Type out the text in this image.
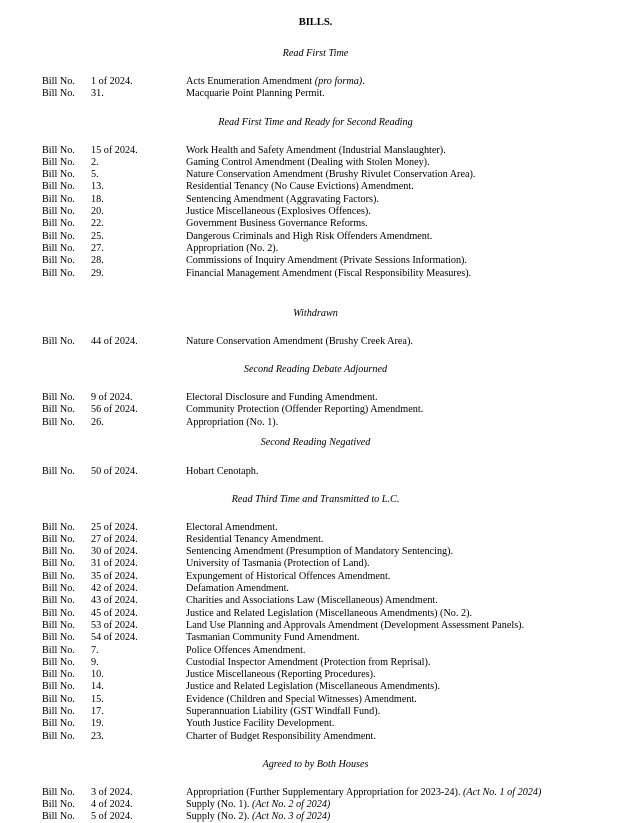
BILLS.
Read First Time
Bill No. 1 of 2024.	Acts Enumeration Amendment (pro forma).
Bill No. 31.	Macquarie Point Planning Permit.
Read First Time and Ready for Second Reading
Bill No. 15 of 2024.	Work Health and Safety Amendment (Industrial Manslaughter).
Bill No. 2.	Gaming Control Amendment (Dealing with Stolen Money).
Bill No. 5.	Nature Conservation Amendment (Brushy Rivulet Conservation Area).
Bill No. 13.	Residential Tenancy (No Cause Evictions) Amendment.
Bill No. 18.	Sentencing Amendment (Aggravating Factors).
Bill No. 20.	Justice Miscellaneous (Explosives Offences).
Bill No. 22.	Government Business Governance Reforms.
Bill No. 25.	Dangerous Criminals and High Risk Offenders Amendment.
Bill No. 27.	Appropriation (No. 2).
Bill No. 28.	Commissions of Inquiry Amendment (Private Sessions Information).
Bill No. 29.	Financial Management Amendment (Fiscal Responsibility Measures).
Withdrawn
Bill No. 44 of 2024.	Nature Conservation Amendment (Brushy Creek Area).
Second Reading Debate Adjourned
Bill No. 9 of 2024.	Electoral Disclosure and Funding Amendment.
Bill No. 56 of 2024.	Community Protection (Offender Reporting) Amendment.
Bill No. 26.	Appropriation (No. 1).
Second Reading Negatived
Bill No. 50 of 2024.	Hobart Cenotaph.
Read Third Time and Transmitted to L.C.
Bill No. 25 of 2024.	Electoral Amendment.
Bill No. 27 of 2024.	Residential Tenancy Amendment.
Bill No. 30 of 2024.	Sentencing Amendment (Presumption of Mandatory Sentencing).
Bill No. 31 of 2024.	University of Tasmania (Protection of Land).
Bill No. 35 of 2024.	Expungement of Historical Offences Amendment.
Bill No. 42 of 2024.	Defamation Amendment.
Bill No. 43 of 2024.	Charities and Associations Law (Miscellaneous) Amendment.
Bill No. 45 of 2024.	Justice and Related Legislation (Miscellaneous Amendments) (No. 2).
Bill No. 53 of 2024.	Land Use Planning and Approvals Amendment (Development Assessment Panels).
Bill No. 54 of 2024.	Tasmanian Community Fund Amendment.
Bill No. 7.	Police Offences Amendment.
Bill No. 9.	Custodial Inspector Amendment (Protection from Reprisal).
Bill No. 10.	Justice Miscellaneous (Reporting Procedures).
Bill No. 14.	Justice and Related Legislation (Miscellaneous Amendments).
Bill No. 15.	Evidence (Children and Special Witnesses) Amendment.
Bill No. 17.	Superannuation Liability (GST Windfall Fund).
Bill No. 19.	Youth Justice Facility Development.
Bill No. 23.	Charter of Budget Responsibility Amendment.
Agreed to by Both Houses
Bill No. 3 of 2024.	Appropriation (Further Supplementary Appropriation for 2023-24). (Act No. 1 of 2024)
Bill No. 4 of 2024.	Supply (No. 1). (Act No. 2 of 2024)
Bill No. 5 of 2024.	Supply (No. 2). (Act No. 3 of 2024)
